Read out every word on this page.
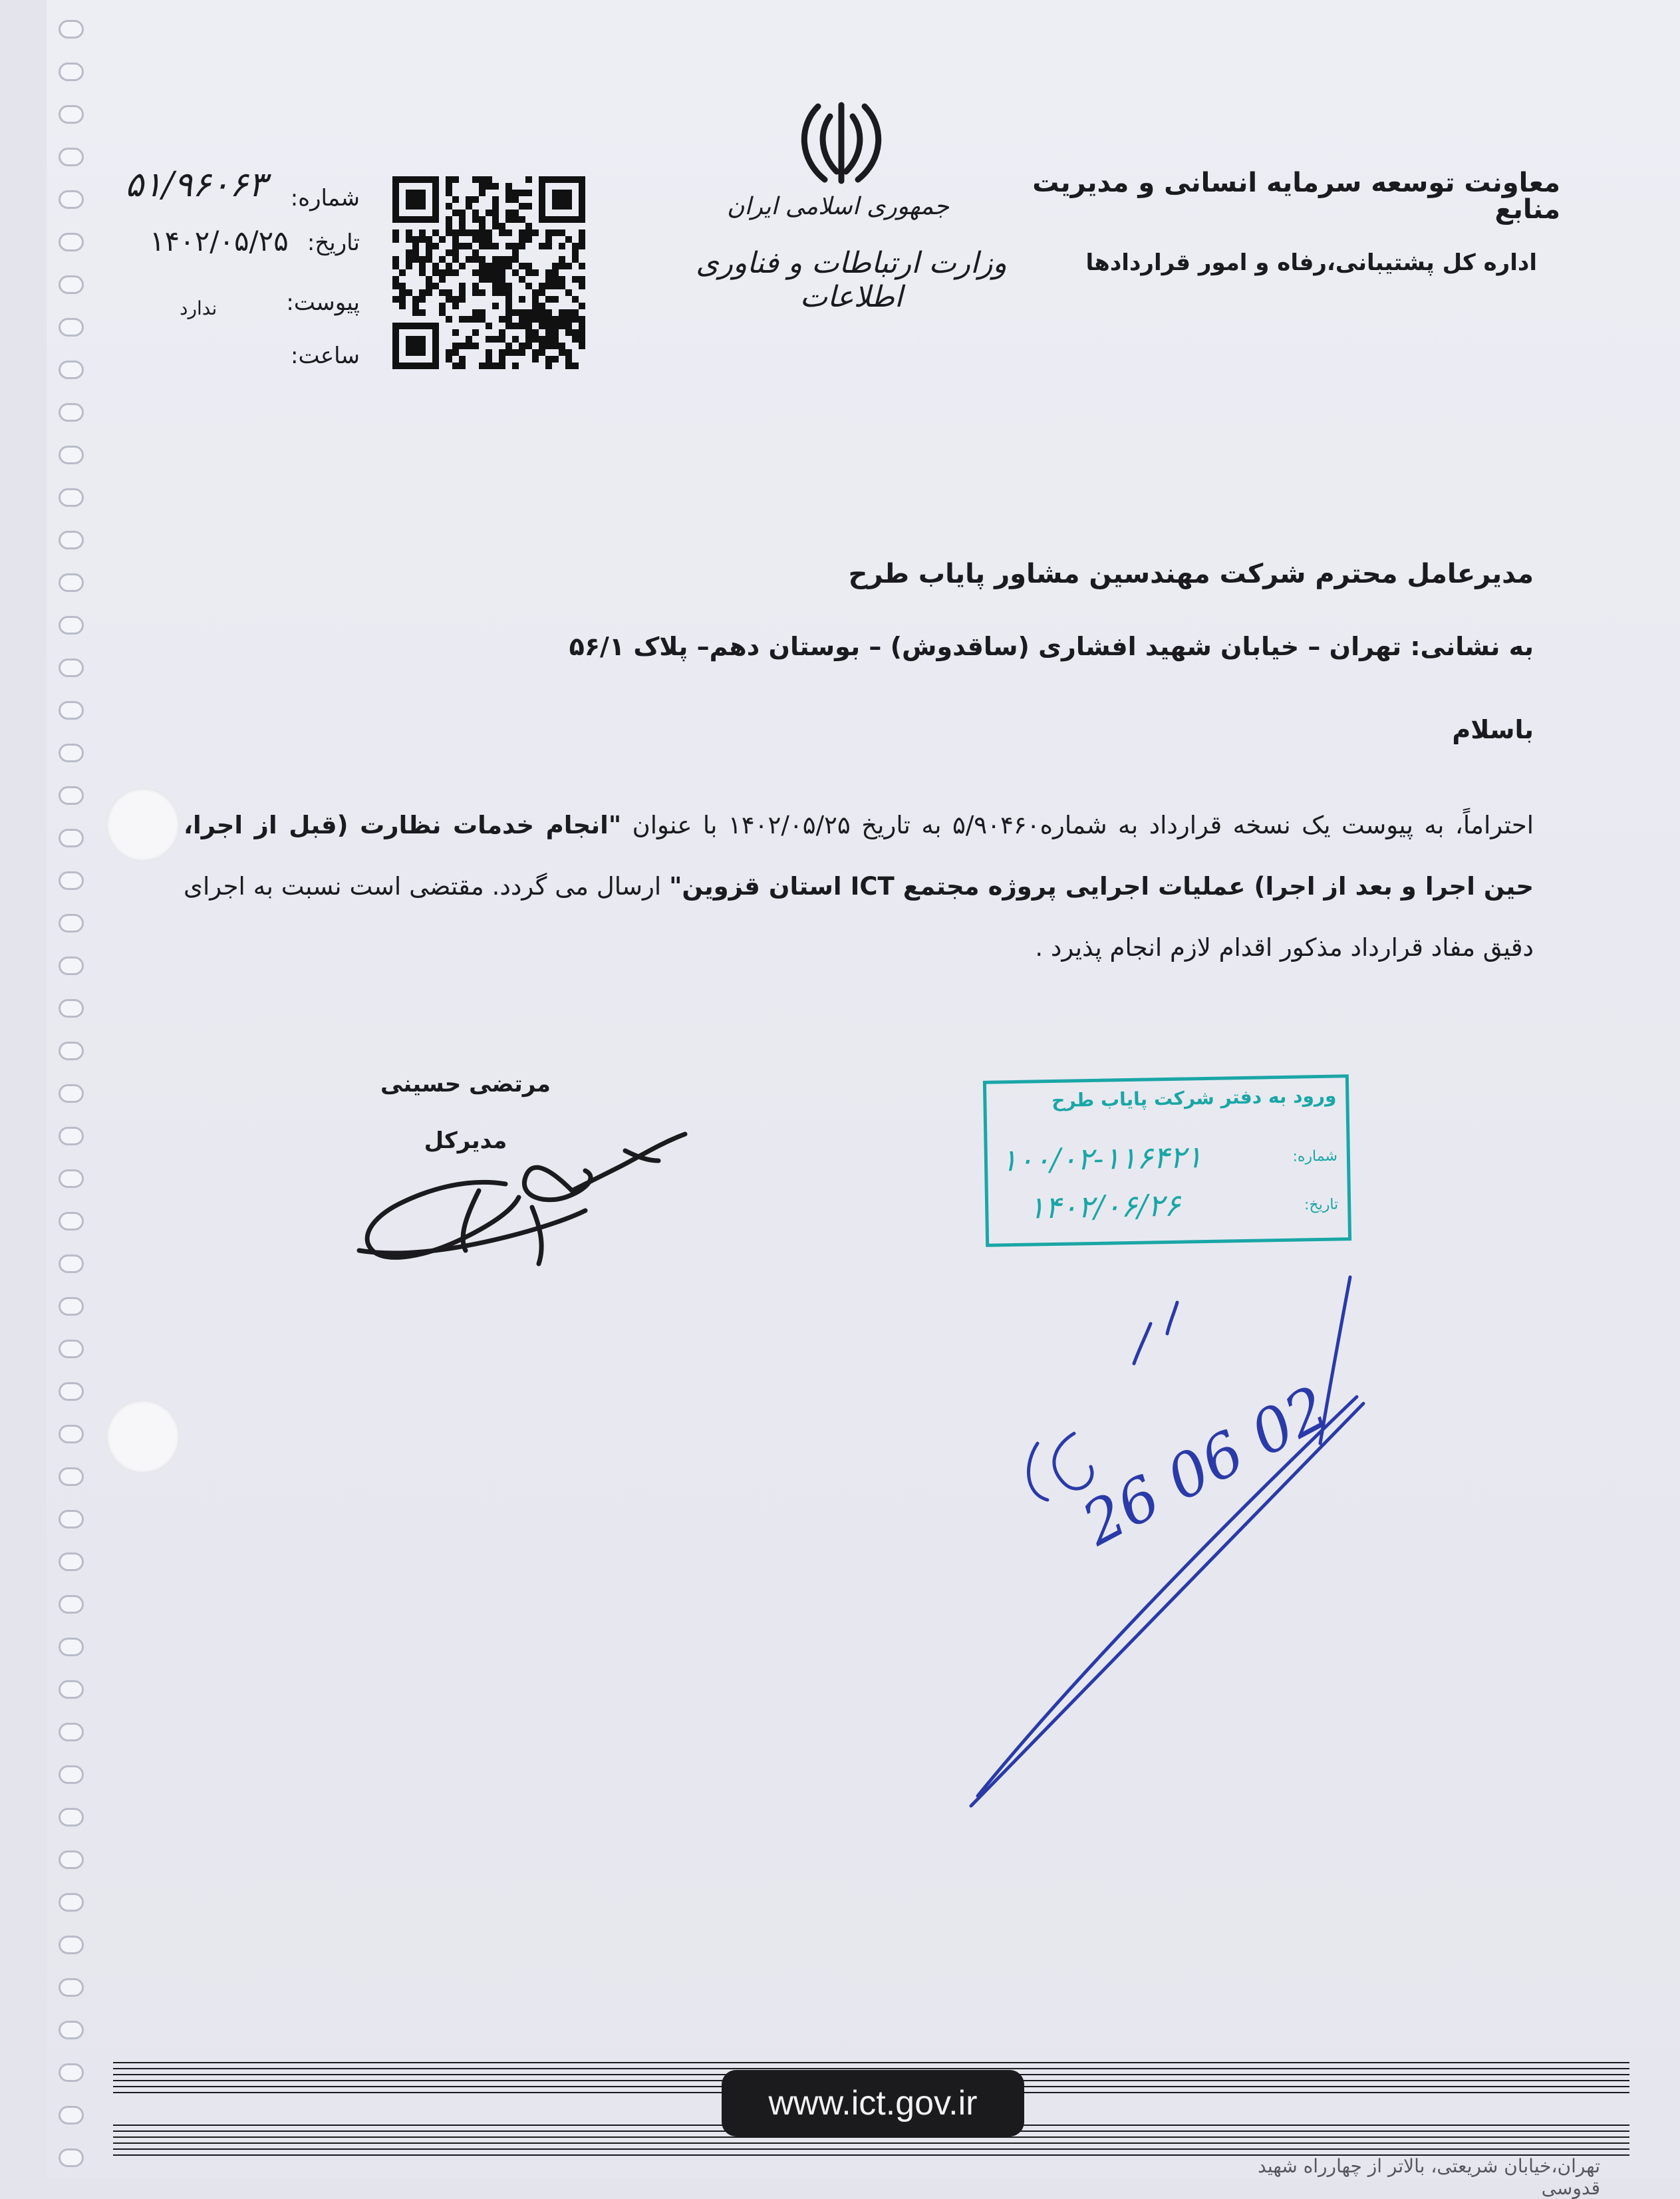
معاونت توسعه سرمایه انسانی و مدیریت منابع
اداره کل پشتیبانی،رفاه و امور قراردادها
جمهوری اسلامی ایران
وزارت ارتباطات و فناوری اطلاعات
شماره:
۵۱/۹۶۰۶۳
تاریخ:
۱۴۰۲/۰۵/۲۵
پیوست:
ندارد
ساعت:
مدیرعامل محترم شرکت مهندسین مشاور پایاب طرح
به نشانی: تهران – خیابان شهید افشاری (ساقدوش) – بوستان دهم– پلاک ۵۶/۱
باسلام
احتراماً، به پیوست یک نسخه قرارداد به شماره۵/۹۰۴۶۰ به تاریخ ۱۴۰۲/۰۵/۲۵ با عنوان "انجام خدمات نظارت (قبل از اجرا، حین اجرا و بعد از اجرا) عملیات اجرایی پروژه مجتمع ICT استان قزوین" ارسال می گردد. مقتضی است نسبت به اجرای دقیق مفاد قرارداد مذکور اقدام لازم انجام پذیرد .
مرتضی حسینی
مدیرکل
ورود به دفتر شرکت پایاب طرح
شماره:
۱۰۰/۰۲-۱۱۶۴۲۱
تاریخ:
۱۴۰۲/۰۶/۲۶
26 06 02
www.ict.gov.ir
تهران،خیابان شریعتی، بالاتر از چهارراه شهید قدوسی
